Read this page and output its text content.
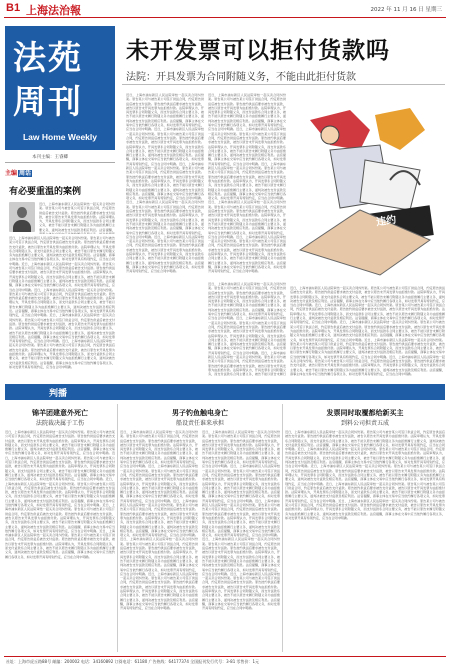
B1 上海法治報	2022 年 11 月 16 日 星期三
法苑
周刊
Law Home Weekly
本刊主编：王睿卿
主编 周话
有必要重温的案例
近日，上海市浦东新区人民法院审结一起买卖合同纠纷案。原告某公司与被告某公司签订供货合同，约定原告供货后被告支付货款。原告按约供货后要求被告支付货款，被告以原告未开具发票为由拒绝付款。法院审理认为，开具发票系合同附随义务，而支付货款系合同主要义务，被告不能以原告未履行附随义务为由拒绝履行主要义务，遂判决被告支付货款及相应利息。法官提醒，
近日，上海市浦东新区人民法院审结一起买卖合同纠纷案。原告某公司与被告某公司签订供货合同，约定原告供货后被告支付货款。原告按约供货后要求被告支付货款，被告以原告未开具发票为由拒绝付款。法院审理认为，开具发票系合同附随义务，而支付货款系合同主要义务，被告不能以原告未履行附随义务为由拒绝履行主要义务，遂判决被告支付货款及相应利息。法官提醒，商事主体在交易中应当依约履行各项义务，如对发票开具有特别约定，应当在合同中明确。近日，上海市浦东新区人民法院审结一起买卖合同纠纷案。原告某公司与被告某公司签订供货合同，约定原告供货后被告支付货款。原告按约供货后要求被告支付货款，被告以原告未开具发票为由拒绝付款。法院审理认为，开具发票系合同附随义务，而支付货款系合同主要义务，被告不能以原告未履行附随义务为由拒绝履行主要义务，遂判决被告支付货款及相应利息。法官提醒，商事主体在交易中应当依约履行各项义务，如对发票开具有特别约定，应当在合同中明确。近日，上海市浦东新区人民法院审结一起买卖合同纠纷案。原告某公司与被告某公司签订供货合同，约定原告供货后被告支付货款。原告按约供货后要求被告支付货款，被告以原告未开具发票为由拒绝付款。法院审理认为，开具发票系合同附随义务，而支付货款系合同主要义务，被告不能以原告未履行附随义务为由拒绝履行主要义务，遂判决被告支付货款及相应利息。法官提醒，商事主体在交易中应当依约履行各项义务，如对发票开具有特别约定，应当在合同中明确。近日，上海市浦东新区人民法院审结一起买卖合同纠纷案。原告某公司与被告某公司签订供货合同，约定原告供货后被告支付货款。原告按约供货后要求被告支付货款，被告以原告未开具发票为由拒绝付款。法院审理认为，开具发票系合同附随义务，而支付货款系合同主要义务，被告不能以原告未履行附随义务为由拒绝履行主要义务，遂判决被告支付货款及相应利息。法官提醒，商事主体在交易中应当依约履行各项义务，如对发票开具有特别约定，应当在合同中明确。近日，上海市浦东新区人民法院审结一起买卖合同纠纷案。原告某公司与被告某公司签订供货合同，约定原告供货后被告支付货款。原告按约供货后要求被告支付货款，被告以原告未开具发票为由拒绝付款。法院审理认为，开具发票系合同附随义务，而支付货款系合同主要义务，被告不能以原告未履行附随义务为由拒绝履行主要义务，遂判决被告支付货款及相应利息。法官提醒，商事主体在交易中应当依约履行各项义务，如对发票开具有特别约定，应当在合同中明确。
未开发票可以拒付货款吗
法院：开具发票为合同附随义务，不能由此拒付货款
近日，上海市浦东新区人民法院审结一起买卖合同纠纷案。原告某公司与被告某公司签订供货合同，约定原告供货后被告支付货款。原告按约供货后要求被告支付货款，被告以原告未开具发票为由拒绝付款。法院审理认为，开具发票系合同附随义务，而支付货款系合同主要义务，被告不能以原告未履行附随义务为由拒绝履行主要义务，遂判决被告支付货款及相应利息。法官提醒，商事主体在交易中应当依约履行各项义务，如对发票开具有特别约定，应当在合同中明确。近日，上海市浦东新区人民法院审结一起买卖合同纠纷案。原告某公司与被告某公司签订供货合同，约定原告供货后被告支付货款。原告按约供货后要求被告支付货款，被告以原告未开具发票为由拒绝付款。法院审理认为，开具发票系合同附随义务，而支付货款系合同主要义务，被告不能以原告未履行附随义务为由拒绝履行主要义务，遂判决被告支付货款及相应利息。法官提醒，商事主体在交易中应当依约履行各项义务，如对发票开具有特别约定，应当在合同中明确。近日，上海市浦东新区人民法院审结一起买卖合同纠纷案。原告某公司与被告某公司签订供货合同，约定原告供货后被告支付货款。原告按约供货后要求被告支付货款，被告以原告未开具发票为由拒绝付款。法院审理认为，开具发票系合同附随义务，而支付货款系合同主要义务，被告不能以原告未履行附随义务为由拒绝履行主要义务，遂判决被告支付货款及相应利息。法官提醒，商事主体在交易中应当依约履行各项义务，如对发票开具有特别约定，应当在合同中明确。近日，上海市浦东新区人民法院审结一起买卖合同纠纷案。原告某公司与被告某公司签订供货合同，约定原告供货后被告支付货款。原告按约供货后要求被告支付货款，被告以原告未开具发票为由拒绝付款。法院审理认为，开具发票系合同附随义务，而支付货款系合同主要义务，被告不能以原告未履行附随义务为由拒绝履行主要义务，遂判决被告支付货款及相应利息。法官提醒，商事主体在交易中应当依约履行各项义务，如对发票开具有特别约定，应当在合同中明确。近日，上海市浦东新区人民法院审结一起买卖合同纠纷案。原告某公司与被告某公司签订供货合同，约定原告供货后被告支付货款。原告按约供货后要求被告支付货款，被告以原告未开具发票为由拒绝付款。法院审理认为，开具发票系合同附随义务，而支付货款系合同主要义务，被告不能以原告未履行附随义务为由拒绝履行主要义务，遂判决被告支付货款及相应利息。法官提醒，商事主体在交易中应当依约履行各项义务，如对发票开具有特别约定，应当在合同中明确。
近日，上海市浦东新区人民法院审结一起买卖合同纠纷案。原告某公司与被告某公司签订供货合同，约定原告供货后被告支付货款。原告按约供货后要求被告支付货款，被告以原告未开具发票为由拒绝付款。法院审理认为，开具发票系合同附随义务，而支付货款系合同主要义务，被告不能以原告未履行附随义务为由拒绝履行主要义务，遂判决被告支付货款及相应利息。法官提醒，商事主体在交易中应当依约履行各项义务，如对发票开具有特别约定，应当在合同中明确。近日，上海市浦东新区人民法院审结一起买卖合同纠纷案。原告某公司与被告某公司签订供货合同，约定原告供货后被告支付货款。原告按约供货后要求被告支付货款，被告以原告未开具发票为由拒绝付款。法院审理认为，开具发票系合同附随义务，而支付货款系合同主要义务，被告不能以原告未履行附随义务为由拒绝履行主要义务，遂判决被告支付货款及相应利息。法官提醒，商事主体在交易中应当依约履行各项义务，如对发票开具有特别约定，应当在合同中明确。近日，上海市浦东新区人民法院审结一起买卖合同纠纷案。原告某公司与被告某公司签订供货合同，约定原告供货后被告支付货款。原告按约供货后要求被告支付货款，被告以原告未开具发票为由拒绝付款。法院审理认为，开具发票系合同附随义务，而支付货款系合同主要义务，被告不能以原告未履行附随义务为由拒绝履行主要义务，遂判决被告支付货款及相应利息。法官提醒，商事主体在交易中应当依约履行各项义务，如对发票开具有特别约定，应当在合同中明确。近日，上海市浦东新区人民法院审结一起买卖合同纠纷案。原告某公司与被告某公司签订供货合同，约定原告供货后被告支付货款。原告按约供货后要求被告支付货款，被告以原告未开具发票为由拒绝付款。法院审理认为，开具发票系合同附随义务，而支付货款系合同主要义务，被告不能以原告未履行附随义务为由拒绝履行主要义务，遂判决被告支付货款及相应利息。法官提醒，商事主体在交易中应当依约履行各项义务，如对发票开具有特别约定，应当在合同中明确。近日，上海市浦东新区人民法院审结一起买卖合同纠纷案。原告某公司与被告某公司签订供货合同，约定原告供货后被告支付货款。原告按约供货后要求被告支付货款，被告以原告未开具发票为由拒绝付款。法院审理认为，开具发票系合同附随义务，而支付货款系合同主要义务，被告不能以原告未履行附随义务为由拒绝履行主要义务，遂判决被告支付货款及相应利息。法官提醒，商事主体在交易中应当依约履行各项义务，如对发票开具有特别约定，应当在合同中明确。
违约
近日，上海市浦东新区人民法院审结一起买卖合同纠纷案。原告某公司与被告某公司签订供货合同，约定原告供货后被告支付货款。原告按约供货后要求被告支付货款，被告以原告未开具发票为由拒绝付款。法院审理认为，开具发票系合同附随义务，而支付货款系合同主要义务，被告不能以原告未履行附随义务为由拒绝履行主要义务，遂判决被告支付货款及相应利息。法官提醒，商事主体在交易中应当依约履行各项义务，如对发票开具有特别约定，应当在合同中明确。近日，上海市浦东新区人民法院审结一起买卖合同纠纷案。原告某公司与被告某公司签订供货合同，约定原告供货后被告支付货款。原告按约供货后要求被告支付货款，被告以原告未开具发票为由拒绝付款。法院审理认为，开具发票系合同附随义务，而支付货款系合同主要义务，被告不能以原告未履行附随义务为由拒绝履行主要义务，遂判决被告支付货款及相应利息。法官提醒，商事主体在交易中应当依约履行各项义务，如对发票开具有特别约定，应当在合同中明确。近日，上海市浦东新区人民法院审结一起买卖合同纠纷案。原告某公司与被告某公司签订供货合同，约定原告供货后被告支付货款。原告按约供货后要求被告支付货款，被告以原告未开具发票为由拒绝付款。法院审理认为，开具发票系合同附随义务，而支付货款系合同主要义务，被告不能以原告未履行
近日，上海市浦东新区人民法院审结一起买卖合同纠纷案。原告某公司与被告某公司签订供货合同，约定原告供货后被告支付货款。原告按约供货后要求被告支付货款，被告以原告未开具发票为由拒绝付款。法院审理认为，开具发票系合同附随义务，而支付货款系合同主要义务，被告不能以原告未履行附随义务为由拒绝履行主要义务，遂判决被告支付货款及相应利息。法官提醒，商事主体在交易中应当依约履行各项义务，如对发票开具有特别约定，应当在合同中明确。近日，上海市浦东新区人民法院审结一起买卖合同纠纷案。原告某公司与被告某公司签订供货合同，约定原告供货后被告支付货款。原告按约供货后要求被告支付货款，被告以原告未开具发票为由拒绝付款。法院审理认为，开具发票系合同附随义务，而支付货款系合同主要义务，被告不能以原告未履行附随义务为由拒绝履行主要义务，遂判决被告支付货款及相应利息。法官提醒，商事主体在交易中应当依约履行各项义务，如对发票开具有特别约定，应当在合同中明确。近日，上海市浦东新区人民法院审结一起买卖合同纠纷案。原告某公司与被告某公司签订供货合同，约定原告供货后被告支付货款。原告按约供货后要求被告支付货款，被告以原告未开具发票为由拒绝付款。法院审理认为，开具发票系合同附随义务，而支付货款系合同主要义务，被告不能以原告未履行附随义务为由拒绝履行主要义务，遂判决被告支付货款及相应利息。法官提醒，商事主体在交易中应当依约履行各项义务，如对发票开具有特别约定，应当在合同中明确。近日，上海市浦东新区人民法院审结一起买卖合同纠纷案。原告某公司与被告某公司签订供货合同，约定原告供货后被告支付货款。原告按约供货后要求被告支付货款，被告以原告未开具发票为由拒绝付款。法院审理认为，开具发票系合同附随义务，而支付货款系合同主要义务，被告不能以原告未履行附随义务为由拒绝履行主要义务，遂判决被告支付货款及相应利息。法官提醒，商事主体在交易中应当依约履行各项义务，如对发票开具有特别约定，应当在合同中明确。近日，上海市浦东新区人民法院审结一起买卖合同纠纷案。原告某公司与被告某公司签订供货合同，约定原告供货后被告支付货款。原告按约供货后要求被告支付货款，被告以原告未开具发票为由拒绝付款。法院审理认为，开具发票系合同附随义务，而支付货款系合同主要义务，被告不能以原告未履行附随义务为由拒绝履行主要义务，遂判决被告支付货款及相应利息。法官提醒，商事主体在交易中应当依约履行各项义务，如对发票开具有特别约定，应当在合同中明确。
判播
锦羊团建意外死亡
法院裁决属于工伤
近日，上海市浦东新区人民法院审结一起买卖合同纠纷案。原告某公司与被告某公司签订供货合同，约定原告供货后被告支付货款。原告按约供货后要求被告支付货款，被告以原告未开具发票为由拒绝付款。法院审理认为，开具发票系合同附随义务，而支付货款系合同主要义务，被告不能以原告未履行附随义务为由拒绝履行主要义务，遂判决被告支付货款及相应利息。法官提醒，商事主体在交易中应当依约履行各项义务，如对发票开具有特别约定，应当在合同中明确。近日，上海市浦东新区人民法院审结一起买卖合同纠纷案。原告某公司与被告某公司签订供货合同，约定原告供货后被告支付货款。原告按约供货后要求被告支付货款，被告以原告未开具发票为由拒绝付款。法院审理认为，开具发票系合同附随义务，而支付货款系合同主要义务，被告不能以原告未履行附随义务为由拒绝履行主要义务，遂判决被告支付货款及相应利息。法官提醒，商事主体在交易中应当依约履行各项义务，如对发票开具有特别约定，应当在合同中明确。近日，上海市浦东新区人民法院审结一起买卖合同纠纷案。原告某公司与被告某公司签订供货合同，约定原告供货后被告支付货款。原告按约供货后要求被告支付货款，被告以原告未开具发票为由拒绝付款。法院审理认为，开具发票系合同附随义务，而支付货款系合同主要义务，被告不能以原告未履行附随义务为由拒绝履行主要义务，遂判决被告支付货款及相应利息。法官提醒，商事主体在交易中应当依约履行各项义务，如对发票开具有特别约定，应当在合同中明确。近日，上海市浦东新区人民法院审结一起买卖合同纠纷案。原告某公司与被告某公司签订供货合同，约定原告供货后被告支付货款。原告按约供货后要求被告支付货款，被告以原告未开具发票为由拒绝付款。法院审理认为，开具发票系合同附随义务，而支付货款系合同主要义务，被告不能以原告未履行附随义务为由拒绝履行主要义务，遂判决被告支付货款及相应利息。法官提醒，商事主体在交易中应当依约履行各项义务，如对发票开具有特别约定，应当在合同中明确。近日，上海市浦东新区人民法院审结一起买卖合同纠纷案。原告某公司与被告某公司签订供货合同，约定原告供货后被告支付货款。原告按约供货后要求被告支付货款，被告以原告未开具发票为由拒绝付款。法院审理认为，开具发票系合同附随义务，而支付货款系合同主要义务，被告不能以原告未履行附随义务为由拒绝履行主要义务，遂判决被告支付货款及相应利息。法官提醒，商事主体在交易中应当依约履行各项义务，如对发票开具有特别约定，应当在合同中明确。
男子钓鱼触电身亡
船设责任谁来承担
近日，上海市浦东新区人民法院审结一起买卖合同纠纷案。原告某公司与被告某公司签订供货合同，约定原告供货后被告支付货款。原告按约供货后要求被告支付货款，被告以原告未开具发票为由拒绝付款。法院审理认为，开具发票系合同附随义务，而支付货款系合同主要义务，被告不能以原告未履行附随义务为由拒绝履行主要义务，遂判决被告支付货款及相应利息。法官提醒，商事主体在交易中应当依约履行各项义务，如对发票开具有特别约定，应当在合同中明确。近日，上海市浦东新区人民法院审结一起买卖合同纠纷案。原告某公司与被告某公司签订供货合同，约定原告供货后被告支付货款。原告按约供货后要求被告支付货款，被告以原告未开具发票为由拒绝付款。法院审理认为，开具发票系合同附随义务，而支付货款系合同主要义务，被告不能以原告未履行附随义务为由拒绝履行主要义务，遂判决被告支付货款及相应利息。法官提醒，商事主体在交易中应当依约履行各项义务，如对发票开具有特别约定，应当在合同中明确。近日，上海市浦东新区人民法院审结一起买卖合同纠纷案。原告某公司与被告某公司签订供货合同，约定原告供货后被告支付货款。原告按约供货后要求被告支付货款，被告以原告未开具发票为由拒绝付款。法院审理认为，开具发票系合同附随义务，而支付货款系合同主要义务，被告不能以原告未履行附随义务为由拒绝履行主要义务，遂判决被告支付货款及相应利息。法官提醒，商事主体在交易中应当依约履行各项义务，如对发票开具有特别约定，应当在合同中明确。近日，上海市浦东新区人民法院审结一起买卖合同纠纷案。原告某公司与被告某公司签订供货合同，约定原告供货后被告支付货款。原告按约供货后要求被告支付货款，被告以原告未开具发票为由拒绝付款。法院审理认为，开具发票系合同附随义务，而支付货款系合同主要义务，被告不能以原告未履行附随义务为由拒绝履行主要义务，遂判决被告支付货款及相应利息。法官提醒，商事主体在交易中应当依约履行各项义务，如对发票开具有特别约定，应当在合同中明确。近日，上海市浦东新区人民法院审结一起买卖合同纠纷案。原告某公司与被告某公司签订供货合同，约定原告供货后被告支付货款。原告按约供货后要求被告支付货款，被告以原告未开具发票为由拒绝付款。法院审理认为，开具发票系合同附随义务，而支付货款系合同主要义务，被告不能以原告未履行附随义务为由拒绝履行主要义务，遂判决被告支付货款及相应利息。法官提醒，商事主体在交易中应当依约履行各项义务，如对发票开具有特别约定，应当在合同中明确。
近日，上海市浦东新区人民法院审结一起买卖合同纠纷案。原告某公司与被告某公司签订供货合同，约定原告供货后被告支付货款。原告按约供货后要求被告支付货款，被告以原告未开具发票为由拒绝付款。法院审理认为，开具发票系合同附随义务，而支付货款系合同主要义务，被告不能以原告未履行附随义务为由拒绝履行主要义务，遂判决被告支付货款及相应利息。法官提醒，商事主体在交易中应当依约履行各项义务，如对发票开具有特别约定，应当在合同中明确。近日，上海市浦东新区人民法院审结一起买卖合同纠纷案。原告某公司与被告某公司签订供货合同，约定原告供货后被告支付货款。原告按约供货后要求被告支付货款，被告以原告未开具发票为由拒绝付款。法院审理认为，开具发票系合同附随义务，而支付货款系合同主要义务，被告不能以原告未履行附随义务为由拒绝履行主要义务，遂判决被告支付货款及相应利息。法官提醒，商事主体在交易中应当依约履行各项义务，如对发票开具有特别约定，应当在合同中明确。近日，上海市浦东新区人民法院审结一起买卖合同纠纷案。原告某公司与被告某公司签订供货合同，约定原告供货后被告支付货款。原告按约供货后要求被告支付货款，被告以原告未开具发票为由拒绝付款。法院审理认为，开具发票系合同附随义务，而支付货款系合同主要义务，被告不能以原告未履行附随义务为由拒绝履行主要义务，遂判决被告支付货款及相应利息。法官提醒，商事主体在交易中应当依约履行各项义务，如对发票开具有特别约定，应当在合同中明确。近日，上海市浦东新区人民法院审结一起买卖合同纠纷案。原告某公司与被告某公司签订供货合同，约定原告供货后被告支付货款。原告按约供货后要求被告支付货款，被告以原告未开具发票为由拒绝付款。法院审理认为，开具发票系合同附随义务，而支付货款系合同主要义务，被告不能以原告未履行附随义务为由拒绝履行主要义务，遂判决被告支付货款及相应利息。法官提醒，商事主体在交易中应当依约履行各项义务，如对发票开具有特别约定，应当在合同中明确。近日，上海市浦东新区人民法院审结一起买卖合同纠纷案。原告某公司与被告某公司签订供货合同，约定原告供货后被告支付货款。原告按约供货后要求被告支付货款，被告以原告未开具发票为由拒绝付款。法院审理认为，开具发票系合同附随义务，而支付货款系合同主要义务，被告不能以原告未履行附随义务为由拒绝履行主要义务，遂判决被告支付货款及相应利息。法官提醒，商事主体在交易中应当依约履行各项义务，如对发票开具有特别约定，应当在合同中明确。
发票同时取覆都给新买主
到料公司担责五成
近日，上海市浦东新区人民法院审结一起买卖合同纠纷案。原告某公司与被告某公司签订供货合同，约定原告供货后被告支付货款。原告按约供货后要求被告支付货款，被告以原告未开具发票为由拒绝付款。法院审理认为，开具发票系合同附随义务，而支付货款系合同主要义务，被告不能以原告未履行附随义务为由拒绝履行主要义务，遂判决被告支付货款及相应利息。法官提醒，商事主体在交易中应当依约履行各项义务，如对发票开具有特别约定，应当在合同中明确。近日，上海市浦东新区人民法院审结一起买卖合同纠纷案。原告某公司与被告某公司签订供货合同，约定原告供货后被告支付货款。原告按约供货后要求被告支付货款，被告以原告未开具发票为由拒绝付款。法院审理认为，开具发票系合同附随义务，而支付货款系合同主要义务，被告不能以原告未履行附随义务为由拒绝履行主要义务，遂判决被告支付货款及相应利息。法官提醒，商事主体在交易中应当依约履行各项义务，如对发票开具有特别约定，应当在合同中明确。近日，上海市浦东新区人民法院审结一起买卖合同纠纷案。原告某公司与被告某公司签订供货合同，约定原告供货后被告支付货款。原告按约供货后要求被告支付货款，被告以原告未开具发票为由拒绝付款。法院审理认为，开具发票系合同附随义务，而支付货款系合同主要义务，被告不能以原告未履行附随义务为由拒绝履行主要义务，遂判决被告支付货款及相应利息。法官提醒，商事主体在交易中应当依约履行各项义务，如对发票开具有特别约定，应当在合同中明确。近日，上海市浦东新区人民法院审结一起买卖合同纠纷案。原告某公司与被告某公司签订供货合同，约定原告供货后被告支付货款。原告按约供货后要求被告支付货款，被告以原告未开具发票为由拒绝付款。法院审理认为，开具发票系合同附随义务，而支付货款系合同主要义务，被告不能以原告未履行附随义务为由拒绝履行主要义务，遂判决被告支付货款及相应利息。法官提醒，商事主体在交易中应当依约履行各项义务，如对发票开具有特别约定，应当在合同中明确。近日，上海市浦东新区人民法院审结一起买卖合同纠纷案。原告某公司与被告某公司签订供货合同，约定原告供货后被告支付货款。原告按约供货后要求被告支付货款，被告以原告未开具发票为由拒绝付款。法院审理认为，开具发票系合同附随义务，而支付货款系合同主要义务，被告不能以原告未履行附随义务为由拒绝履行主要义务，遂判决被告支付货款及相应利息。法官提醒，商事主体在交易中应当依约履行各项义务，如对发票开具有特别约定，应当在合同中明确。
社址：上海市虎丘路88号 邮编：200002 电话：34160892 订阅电话：61180 广告热线：64177374 全国报刊发行代号：3-81 零售价：1元
